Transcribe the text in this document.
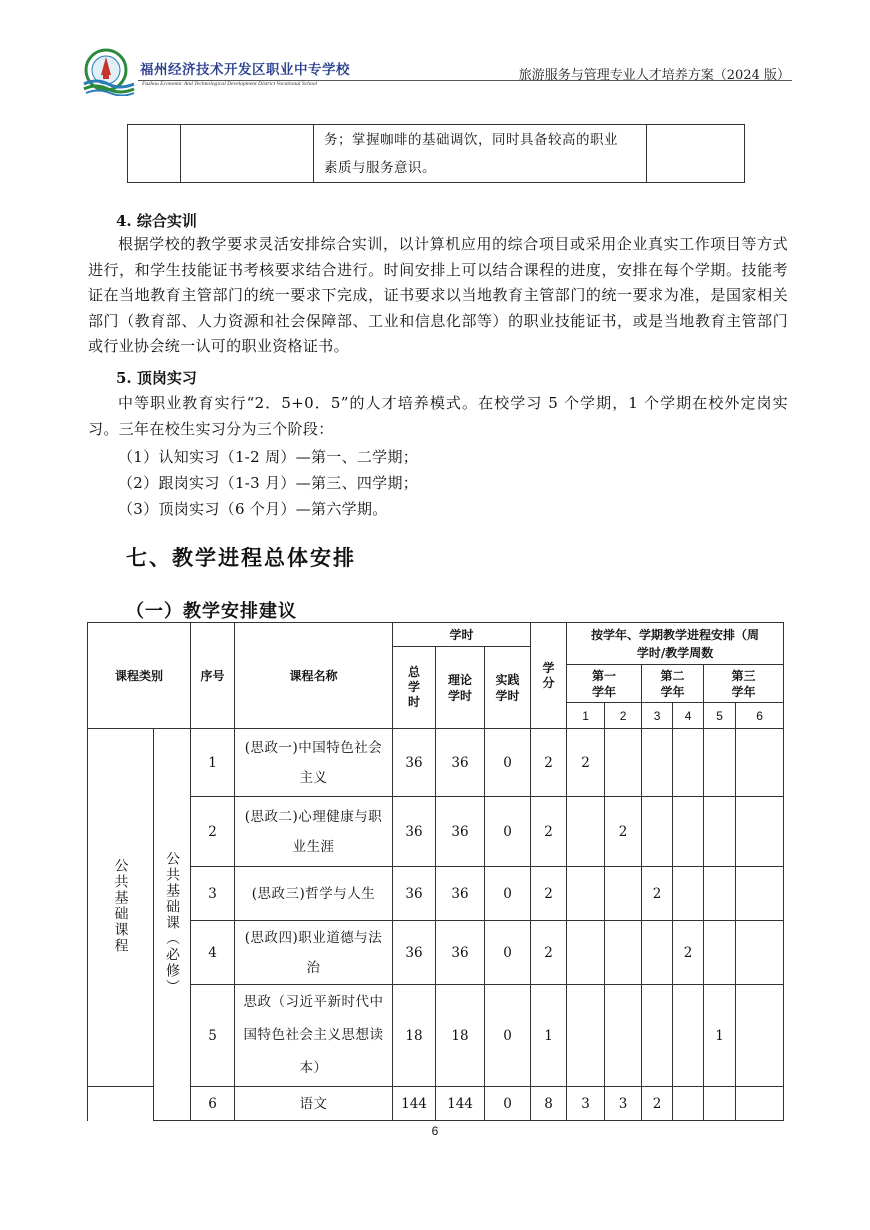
福州经济技术开发区职业中专学校
Fuzhou Economic And Technological Development District Vocational School
旅游服务与管理专业人才培养方案（2024 版）

务；掌握咖啡的基础调饮，同时具备较高的职业
素质与服务意识。

4. 综合实训

根据学校的教学要求灵活安排综合实训，以计算机应用的综合项目或采用企业真实工作项目等方式进行，和学生技能证书考核要求结合进行。时间安排上可以结合课程的进度，安排在每个学期。技能考证在当地教育主管部门的统一要求下完成，证书要求以当地教育主管部门的统一要求为准，是国家相关部门（教育部、人力资源和社会保障部、工业和信息化部等）的职业技能证书，或是当地教育主管部门或行业协会统一认可的职业资格证书。

5. 顶岗实习

中等职业教育实行“2．5+0．5”的人才培养模式。在校学习 5 个学期，1 个学期在校外定岗实习。三年在校生实习分为三个阶段：

（1）认知实习（1-2 周）—第一、二学期；
（2）跟岗实习（1-3 月）—第三、四学期；
（3）顶岗实习（6 个月）—第六学期。
七、教学进程总体安排
（一）教学安排建议
课程类别		序号	课程名称	学时			学分	按学年、学期教学进程安排（周学时/教学周数					

				总学时	理论学时	实践学时							

								第一学年		第二学年		第三学年	

								1	2	3	4	5	6
公共基础课程	公共基础课（必修）	1	(思政一)中国特色社会主义	36	36	0	2	2					
		2	(思政二)心理健康与职业生涯	36	36	0	2		2				
		3	(思政三)哲学与人生	36	36	0	2			2			
		4	(思政四)职业道德与法治	36	36	0	2				2		
		5	思政（习近平新时代中国特色社会主义思想读本）	18	18	0	1					1	
		6	语文	144	144	0	8	3	3	2			
6
